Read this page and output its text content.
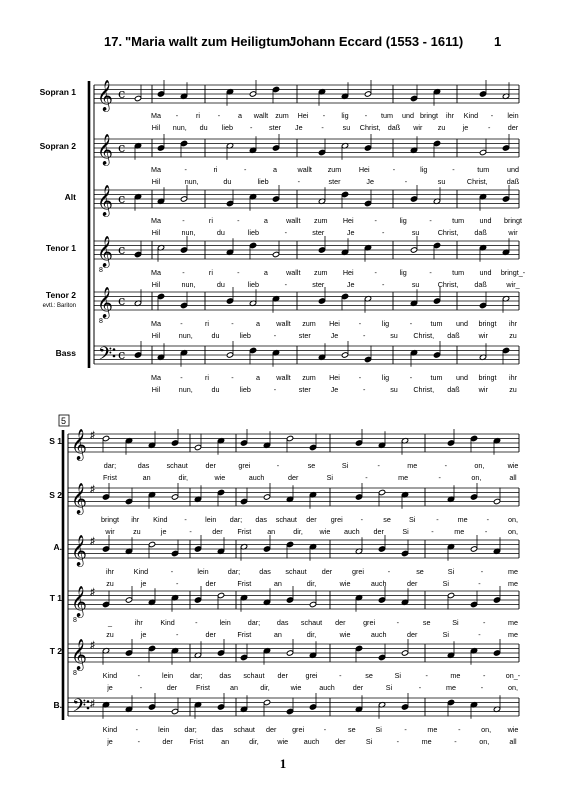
17. "Maria wallt zum Heiligtum"
Johann Eccard (1553 - 1611) 1
Sopran 1 𝄞 c
Ma - ri - a wallt zum Hei - lig - tum und bringt ihr Kind - lein
Hil nun, du lieb - ster Je	-	su Christ, daß wir zu je	- der
Sopran 2 𝄞 c
Ma	-	ri	-	a	wallt zum Hei	-	lig	-	tum und
Hil	nun,	du	lieb	-	ster	Je	-	su	Christ,	daß
Alt 𝄞 c
Ma	-	ri	-	a	wallt zum Hei	-	lig	-	tum und bringt
Hil	nun,	du	lieb	-	ster	Je	-	su	Christ, daß	wir
Tenor 1 𝄞
8
c
Ma	-	ri	-	a	wallt zum Hei	-	lig	-	tum und bringt_-
Hil	nun,	du	lieb	-	ster	Je	-	su	Christ, daß	wir_
Tenor 2
evtl.: Bariton 𝄞
8
c
Ma	-	ri	-	a wallt zum Hei	-	lig	-	tum und bringt ihr
Hil	nun,	du	lieb	-	ster	Je	-	su Christ, daß	wir	zu
Bass 𝄢 c
Ma	-	ri	-	a wallt zum Hei	-	lig	-	tum und bringt ihr
Hil	nun,	du	lieb	-	ster	Je	-	su Christ, daß	wir	zu
5
S 1 𝄞 ♯
dar;	das schaut der	grei	-	se	Si	-	me	-	on,	wie
Frist	an	dir,	wie	auch	der	Si	-	me	-	on,	all
S 2 𝄞 ♯
bringt ihr Kind -	lein dar; das schaut der grei -	se	Si	-	me	-	on,
wir	zu	je	-	der Frist an	dir, wie auch der	Si	-	me	-	on,
A. 𝄞 ♯
ihr	Kind	-	lein	dar;	das schaut der	grei	-	se	Si	-	me
zu	je	-	der	Frist	an	dir,	wie	auch	der	Si	-	me
T 1 𝄞
8
♯
_	ihr Kind	-	lein dar; das schaut der grei	-	se	Si	-	me
zu	je	-	der	Frist	an	dir,	wie	auch	der	Si	-	me
T 2 𝄞
8
♯
Kind	-	lein dar; das schaut der grei	-	se	Si	-	me	-	on_-
je	-	der	Frist	an	dir,	wie auch	der	Si	-	me	-	on,
B. 𝄢 ♯
Kind	-	lein dar; das schaut der grei	-	se	Si	-	me	-	on, wie
je	-	der Frist an	dir,	wie auch der	Si	-	me	-	on,	all
1
